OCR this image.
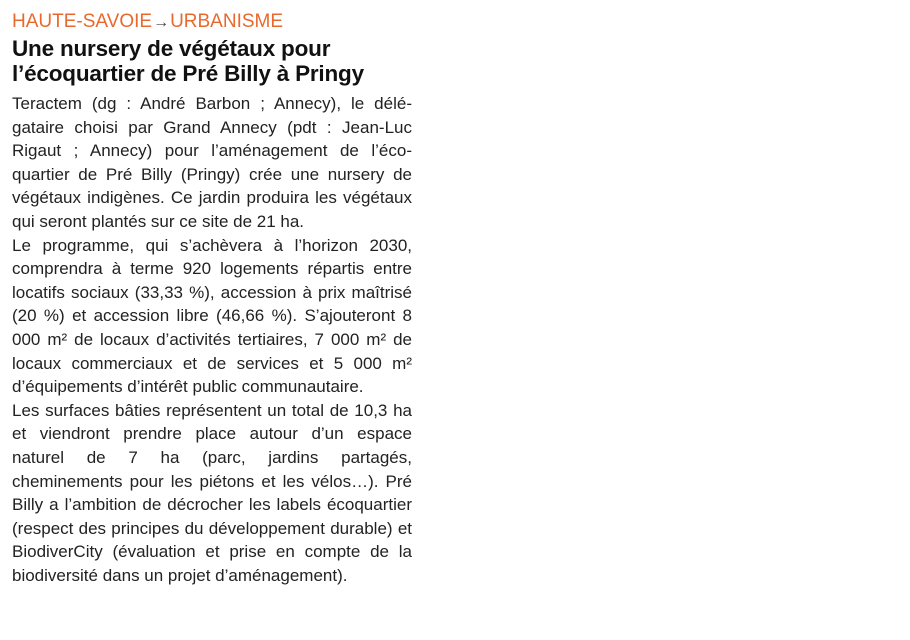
HAUTE-SAVOIE→URBANISME
Une nursery de végétaux pour l’écoquartier de Pré Billy à Pringy

Teractem (dg : André Barbon ; Annecy), le délégataire choisi par Grand Annecy (pdt : Jean-Luc Rigaut ; Annecy) pour l’aménagement de l’écoquartier de Pré Billy (Pringy) crée une nursery de végétaux indigènes. Ce jardin produira les végétaux qui seront plantés sur ce site de 21 ha.

Le programme, qui s’achèvera à l’horizon 2030, comprendra à terme 920 logements répartis entre locatifs sociaux (33,33 %), accession à prix maîtrisé (20 %) et accession libre (46,66 %). S’ajouteront 8 000 m² de locaux d’activités tertiaires, 7 000 m² de locaux commerciaux et de services et 5 000 m² d’équipements d’intérêt public communautaire.

Les surfaces bâties représentent un total de 10,3 ha et viendront prendre place autour d’un espace naturel de 7 ha (parc, jardins partagés, cheminements pour les piétons et les vélos…). Pré Billy a l’ambition de décrocher les labels écoquartier (respect des principes du développement durable) et BiodiverCity (évaluation et prise en compte de la biodiversité dans un projet d’aménagement).
